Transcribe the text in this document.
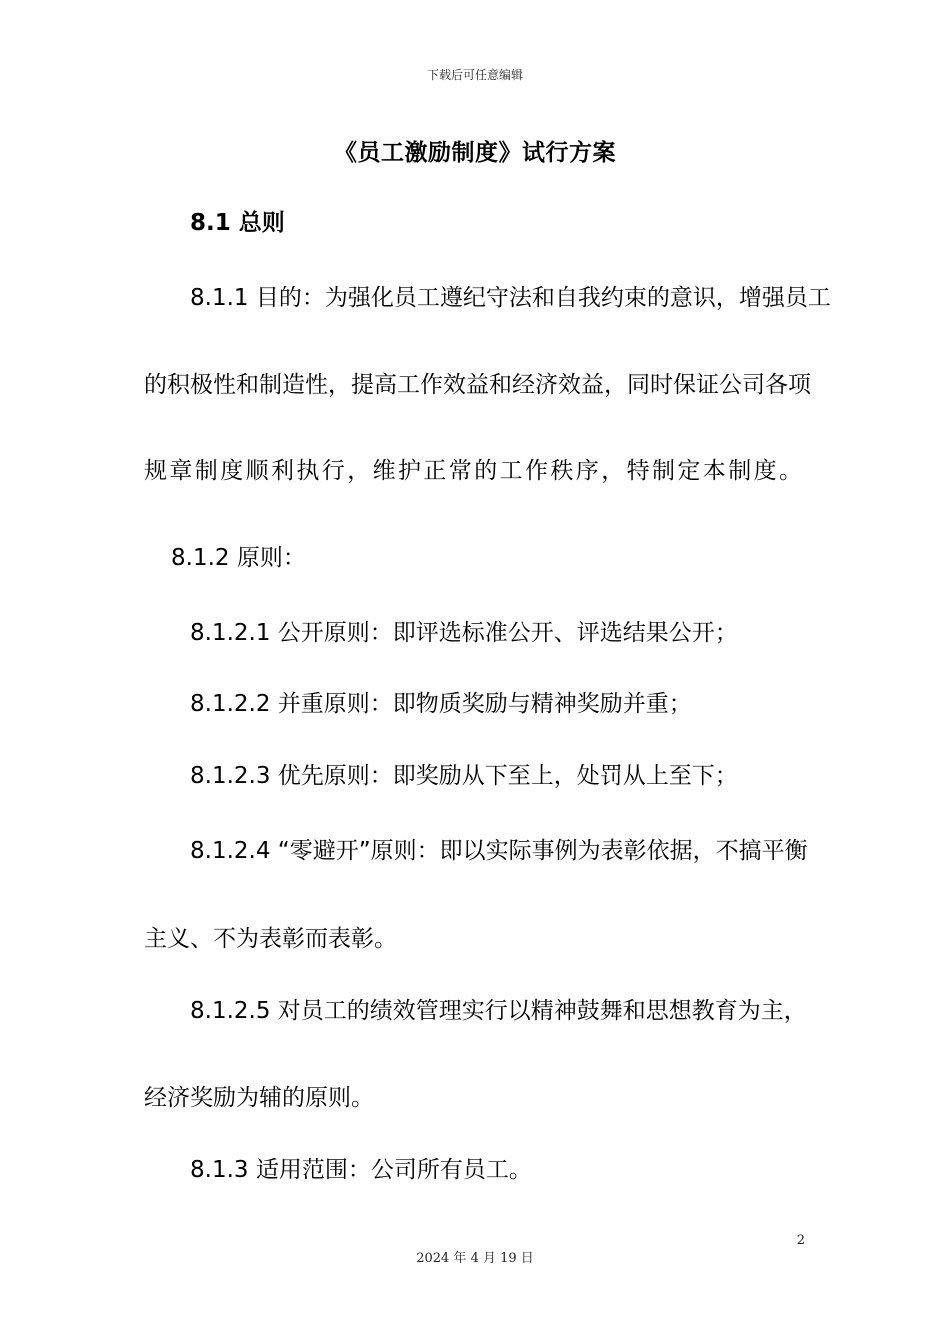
下载后可任意编辑
《员工激励制度》试行方案
8.1 总则
8.1.1 目的：为强化员工遵纪守法和自我约束的意识，增强员工
的积极性和制造性，提高工作效益和经济效益，同时保证公司各项
规章制度顺利执行，维护正常的工作秩序，特制定本制度。
8.1.2 原则：
8.1.2.1 公开原则：即评选标准公开、评选结果公开；
8.1.2.2 并重原则：即物质奖励与精神奖励并重；
8.1.2.3 优先原则：即奖励从下至上，处罚从上至下；
8.1.2.4 “零避开”原则：即以实际事例为表彰依据，不搞平衡
主义、不为表彰而表彰。
8.1.2.5 对员工的绩效管理实行以精神鼓舞和思想教育为主，
经济奖励为辅的原则。
8.1.3 适用范围：公司所有员工。
2
2024 年 4 月 19 日
